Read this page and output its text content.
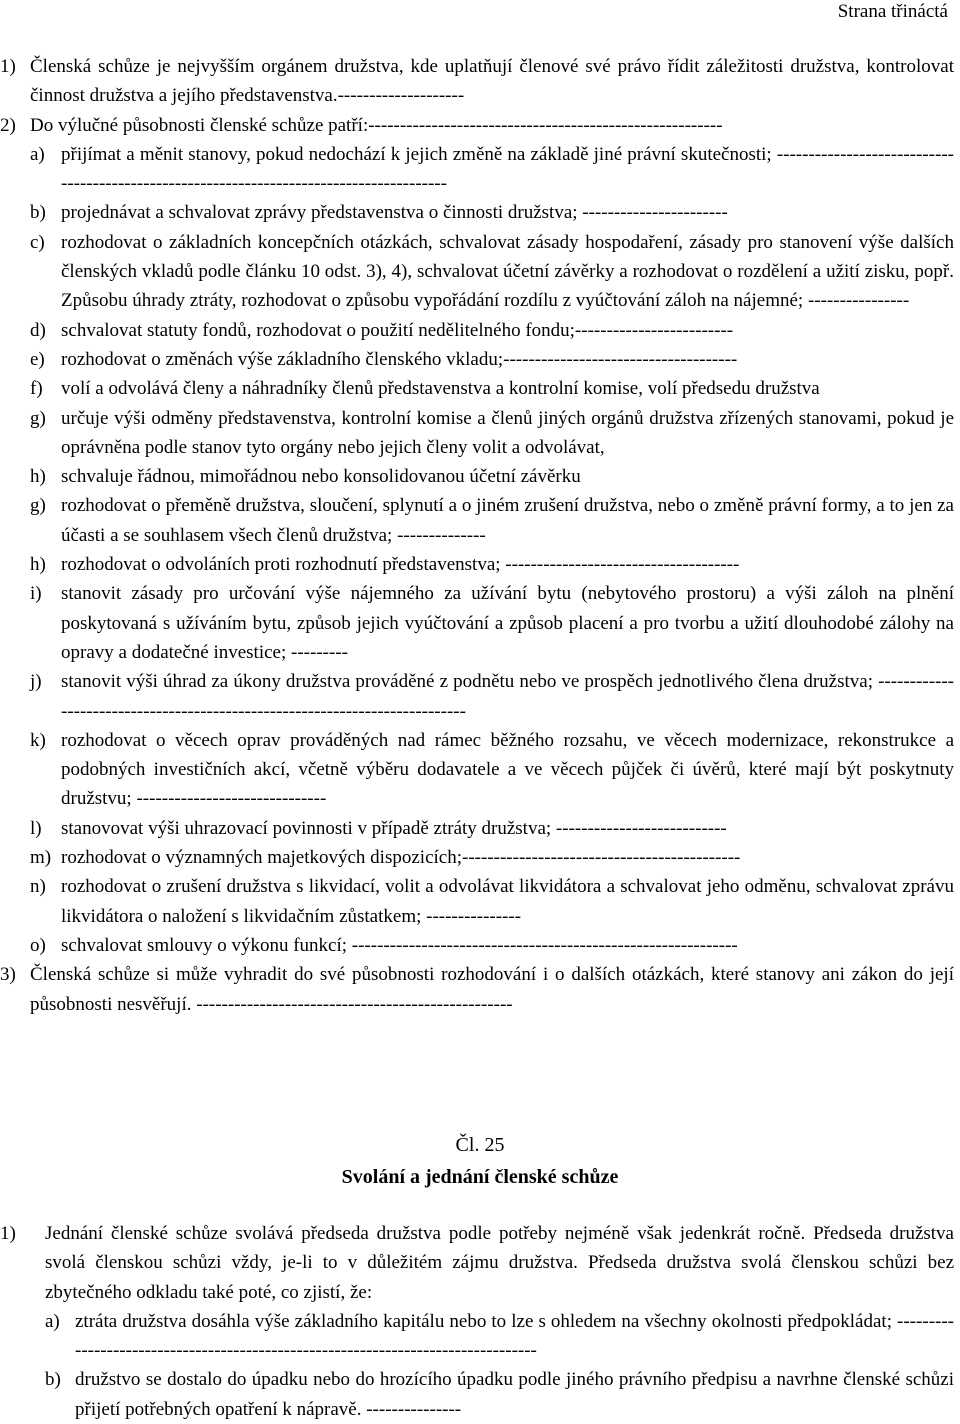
Strana třináctá
1) Členská schůze je nejvyšším orgánem družstva, kde uplatňují členové své právo řídit záležitosti družstva, kontrolovat činnost družstva a jejího představenstva.--------------------
2) Do výlučné působnosti členské schůze patří:--------------------------------------------------------
a) přijímat a měnit stanovy, pokud nedochází k jejich změně na základě jiné právní skutečnosti; -----------------------------------------------------------------------------------------
b) projednávat a schvalovat zprávy představenstva o činnosti družstva; -----------------------
c) rozhodovat o základních koncepčních otázkách, schvalovat zásady hospodaření, zásady pro stanovení výše dalších členských vkladů podle článku 10 odst. 3), 4), schvalovat účetní závěrky a rozhodovat o rozdělení a užití zisku, popř. Způsobu úhrady ztráty, rozhodovat o způsobu vypořádání rozdílu z vyúčtování záloh na nájemné; ----------------
d) schvalovat statuty fondů, rozhodovat o použití nedělitelného fondu;-------------------------
e) rozhodovat o změnách výše základního členského vkladu;-------------------------------------
f) volí a odvolává členy a náhradníky členů představenstva a kontrolní komise, volí předsedu družstva
g) určuje výši odměny představenstva, kontrolní komise a členů jiných orgánů družstva zřízených stanovami, pokud je oprávněna podle stanov tyto orgány nebo jejich členy volit a odvolávat,
h) schvaluje řádnou, mimořádnou nebo konsolidovanou účetní závěrku
g) rozhodovat o přeměně družstva, sloučení, splynutí a o jiném zrušení družstva, nebo o změně právní formy, a to jen za účasti a se souhlasem všech členů družstva; --------------
h) rozhodovat o odvoláních proti rozhodnutí představenstva; -------------------------------------
i) stanovit zásady pro určování výše nájemného za užívání bytu (nebytového prostoru) a výši záloh na plnění poskytovaná s užíváním bytu, způsob jejich vyúčtování a způsob placení a pro tvorbu a užití dlouhodobé zálohy na opravy a dodatečné investice; ---------
j) stanovit výši úhrad za úkony družstva prováděné z podnětu nebo ve prospěch jednotlivého člena družstva; ----------------------------------------------------------------------------
k) rozhodovat o věcech oprav prováděných nad rámec běžného rozsahu, ve věcech modernizace, rekonstrukce a podobných investičních akcí, včetně výběru dodavatele a ve věcech půjček či úvěrů, které mají být poskytnuty družstvu; ------------------------------
l) stanovovat výši uhrazovací povinnosti v případě ztráty družstva; ---------------------------
m) rozhodovat o významných majetkových dispozicích;--------------------------------------------
n) rozhodovat o zrušení družstva s likvidací, volit a odvolávat likvidátora a schvalovat jeho odměnu, schvalovat zprávu likvidátora o naložení s likvidačním zůstatkem; ---------------
o) schvalovat smlouvy o výkonu funkcí; -------------------------------------------------------------
3) Členská schůze si může vyhradit do své působnosti rozhodování i o dalších otázkách, které stanovy ani zákon do její působnosti nesvěřují. --------------------------------------------------
Čl. 25
Svolání a jednání členské schůze
1) Jednání členské schůze svolává předseda družstva podle potřeby nejméně však jedenkrát ročně. Předseda družstva svolá členskou schůzi vždy, je-li to v důležitém zájmu družstva. Předseda družstva svolá členskou schůzi bez zbytečného odkladu také poté, co zjistí, že:
a) ztráta družstva dosáhla výše základního kapitálu nebo to lze s ohledem na všechny okolnosti předpokládat; ----------------------------------------------------------------------------------
b) družstvo se dostalo do úpadku nebo do hrozícího úpadku podle jiného právního předpisu a navrhne členské schůzi přijetí potřebných opatření k nápravě. ---------------
